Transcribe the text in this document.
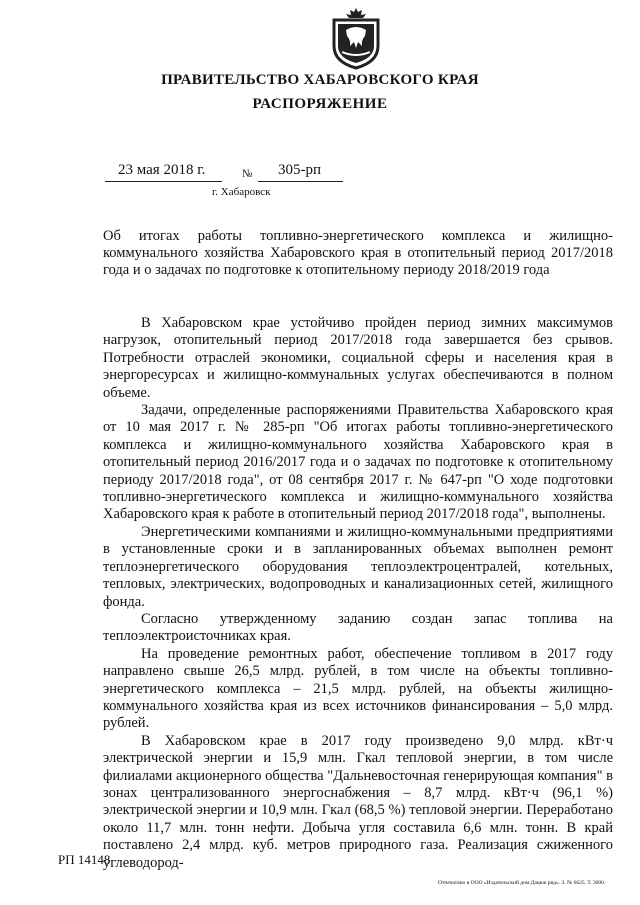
ПРАВИТЕЛЬСТВО ХАБАРОВСКОГО КРАЯ
РАСПОРЯЖЕНИЕ
23 мая 2018 г.	№ 305-рп
г. Хабаровск
Об итогах работы топливно-энергетического комплекса и жилищно-коммунального хозяйства Хабаровского края в отопительный период 2017/2018 года и о задачах по подготовке к отопительному периоду 2018/2019 года

В Хабаровском крае устойчиво пройден период зимних максимумов нагрузок, отопительный период 2017/2018 года завершается без срывов. Потребности отраслей экономики, социальной сферы и населения края в энергоресурсах и жилищно-коммунальных услугах обеспечиваются в полном объеме.

Задачи, определенные распоряжениями Правительства Хабаровского края от 10 мая 2017 г. № 285-рп "Об итогах работы топливно-энергетического комплекса и жилищно-коммунального хозяйства Хабаровского края в отопительный период 2016/2017 года и о задачах по подготовке к отопительному периоду 2017/2018 года", от 08 сентября 2017 г. № 647-рп "О ходе подготовки топливно-энергетического комплекса и жилищно-коммунального хозяйства Хабаровского края к работе в отопительный период 2017/2018 года", выполнены.

Энергетическими компаниями и жилищно-коммунальными предприятиями в установленные сроки и в запланированных объемах выполнен ремонт теплоэнергетического оборудования теплоэлектроцентралей, котельных, тепловых, электрических, водопроводных и канализационных сетей, жилищного фонда.

Согласно утвержденному заданию создан запас топлива на теплоэлектроисточниках края.

На проведение ремонтных работ, обеспечение топливом в 2017 году направлено свыше 26,5 млрд. рублей, в том числе на объекты топливно-энергетического комплекса – 21,5 млрд. рублей, на объекты жилищно-коммунального хозяйства края из всех источников финансирования – 5,0 млрд. рублей.

В Хабаровском крае в 2017 году произведено 9,0 млрд. кВт·ч электрической энергии и 15,9 млн. Гкал тепловой энергии, в том числе филиалами акционерного общества "Дальневосточная генерирующая компания" в зонах централизованного энергоснабжения – 8,7 млрд. кВт·ч (96,1 %) электрической энергии и 10,9 млн. Гкал (68,5 %) тепловой энергии. Переработано около 11,7 млн. тонн нефти. Добыча угля составила 6,6 млн. тонн. В край поставлено 2,4 млрд. куб. метров природного газа. Реализация сжиженного углеводород-

РП 14148
Отпечатано в ООО «Издательский дом Дацюк ряд». З. № 6625. Т. 3000.
